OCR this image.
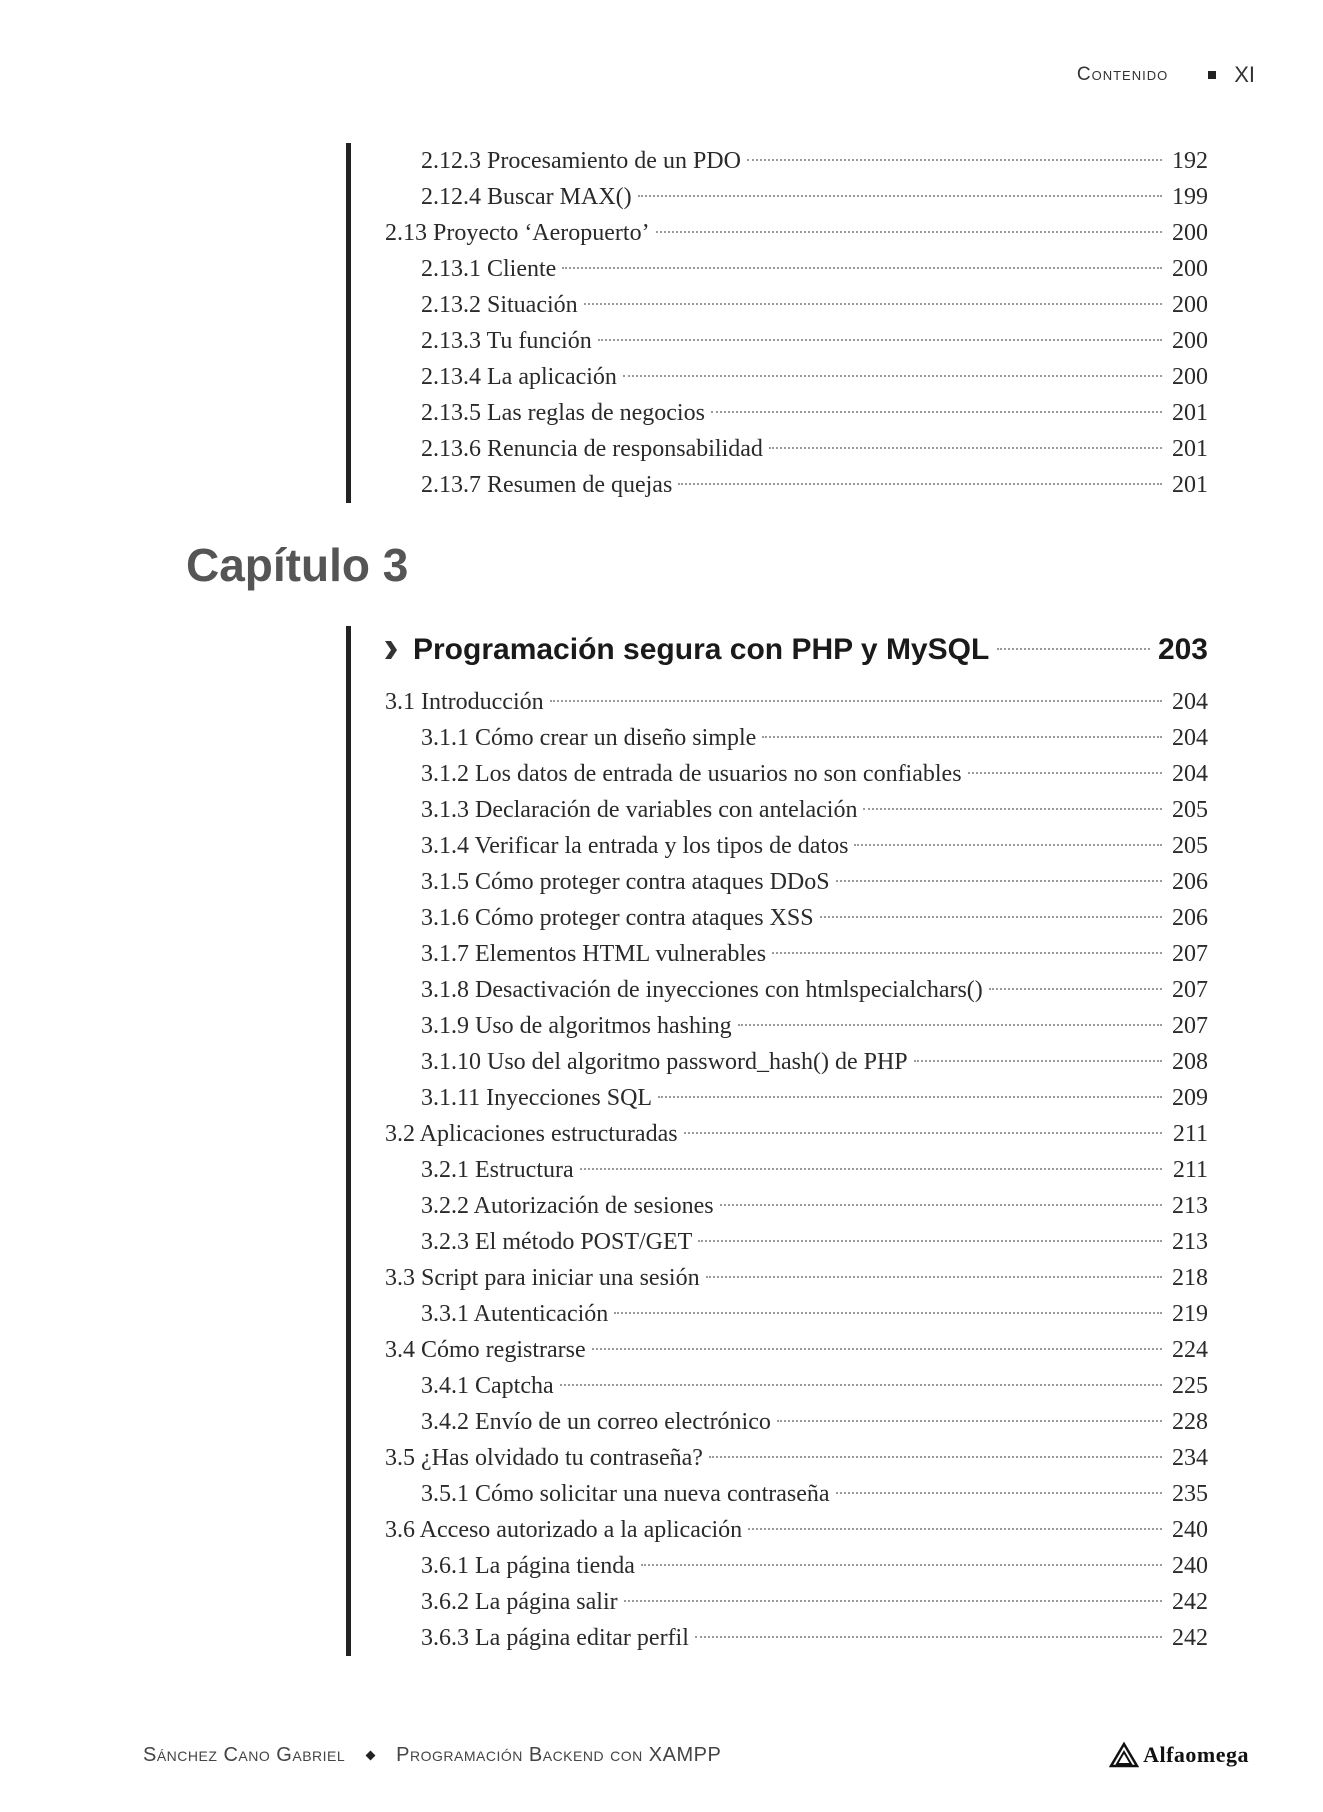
Contenido	XI
2.12.3 Procesamiento de un PDO	192
2.12.4 Buscar MAX()	199
2.13 Proyecto ‘Aeropuerto’	200
2.13.1 Cliente	200
2.13.2 Situación	200
2.13.3 Tu función	200
2.13.4 La aplicación	200
2.13.5 Las reglas de negocios	201
2.13.6 Renuncia de responsabilidad	201
2.13.7 Resumen de quejas	201
Capítulo 3
Programación segura con PHP y MySQL	203
3.1 Introducción	204
3.1.1 Cómo crear un diseño simple	204
3.1.2 Los datos de entrada de usuarios no son confiables	204
3.1.3 Declaración de variables con antelación	205
3.1.4 Verificar la entrada y los tipos de datos	205
3.1.5 Cómo proteger contra ataques DDoS	206
3.1.6 Cómo proteger contra ataques XSS	206
3.1.7 Elementos HTML vulnerables	207
3.1.8 Desactivación de inyecciones con htmlspecialchars()	207
3.1.9 Uso de algoritmos hashing	207
3.1.10 Uso del algoritmo password_hash() de PHP	208
3.1.11 Inyecciones SQL	209
3.2 Aplicaciones estructuradas	211
3.2.1 Estructura	211
3.2.2 Autorización de sesiones	213
3.2.3 El método POST/GET	213
3.3 Script para iniciar una sesión	218
3.3.1 Autenticación	219
3.4 Cómo registrarse	224
3.4.1 Captcha	225
3.4.2 Envío de un correo electrónico	228
3.5 ¿Has olvidado tu contraseña?	234
3.5.1 Cómo solicitar una nueva contraseña	235
3.6 Acceso autorizado a la aplicación	240
3.6.1 La página tienda	240
3.6.2 La página salir	242
3.6.3 La página editar perfil	242
Sánchez Cano Gabriel	Programación Backend con XAMPP	Alfaomega
